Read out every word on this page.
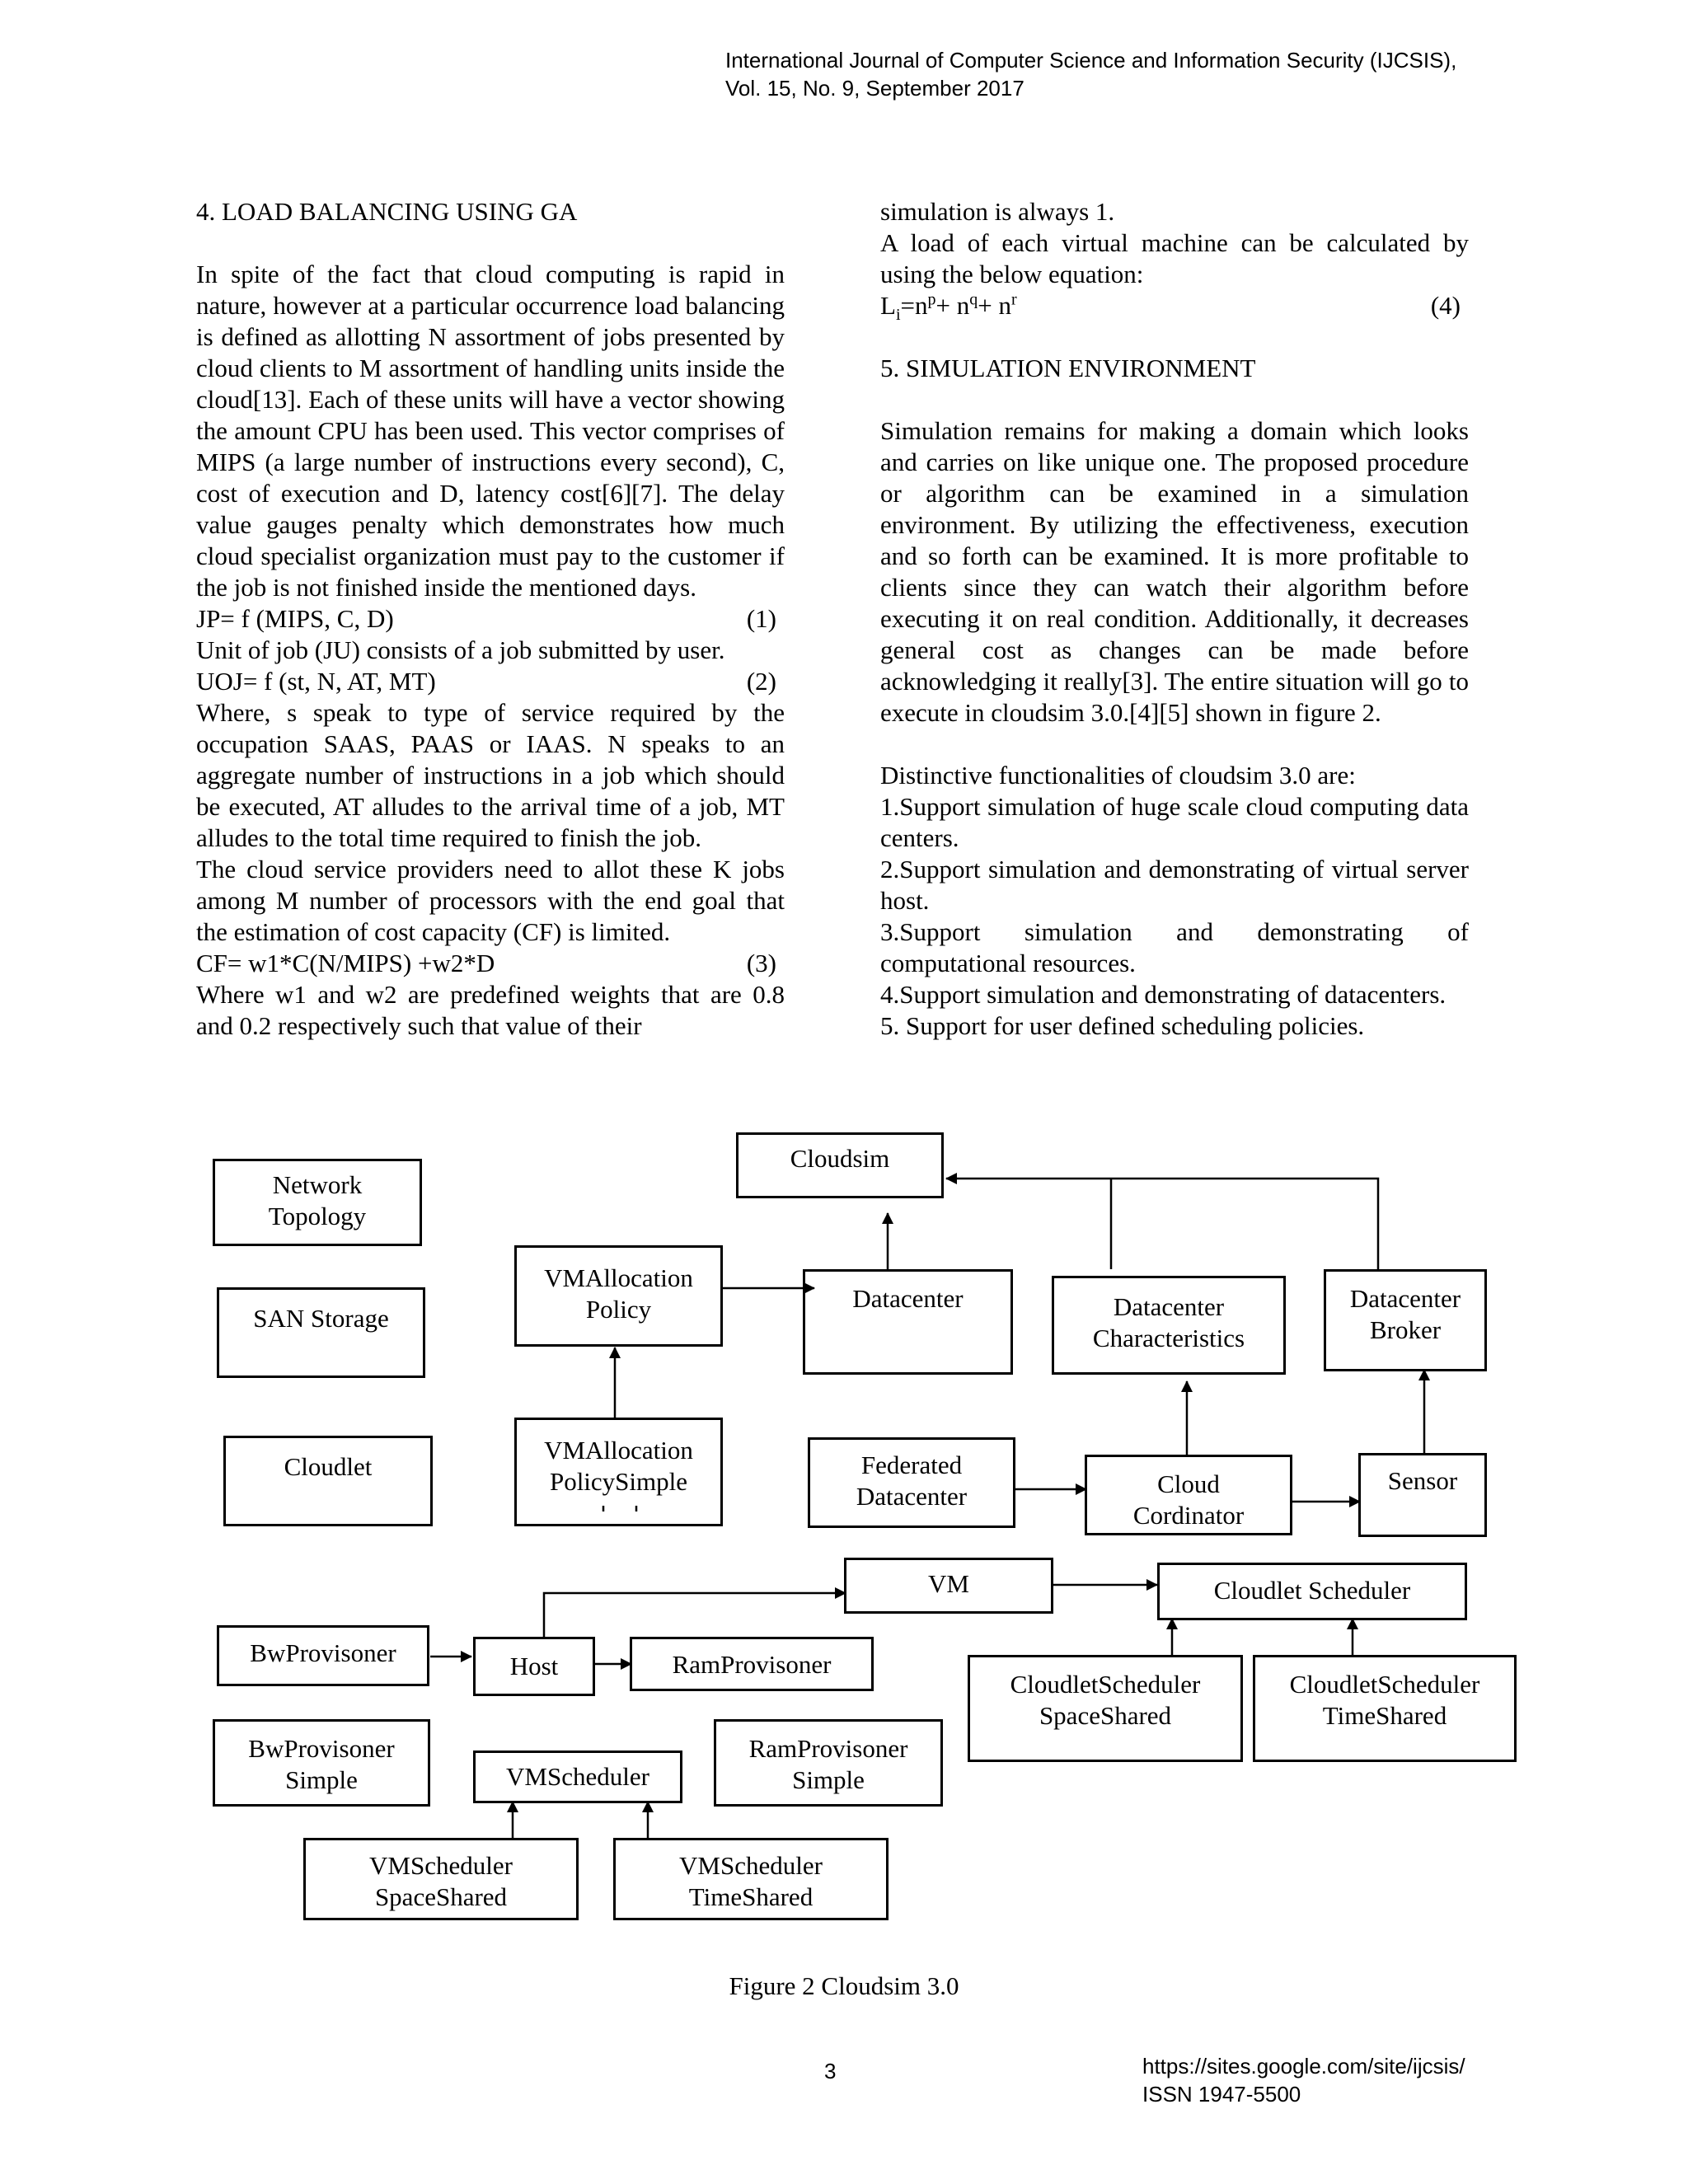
International Journal of Computer Science and Information Security (IJCSIS),
Vol. 15, No. 9, September 2017

4. LOAD BALANCING USING GA

In spite of the fact that cloud computing is rapid in nature, however at a particular occurrence load balancing is defined as allotting N assortment of jobs presented by cloud clients to M assortment of handling units inside the cloud[13]. Each of these units will have a vector showing the amount CPU has been used. This vector comprises of MIPS (a large number of instructions every second), C, cost of execution and D, latency cost[6][7]. The delay value gauges penalty which demonstrates how much cloud specialist organization must pay to the customer if the job is not finished inside the mentioned days.

JP= f (MIPS, C, D)	(1)

Unit of job (JU) consists of a job submitted by user.

UOJ= f (st, N, AT, MT)	(2)

Where, s speak to type of service required by the occupation SAAS, PAAS or IAAS. N speaks to an aggregate number of instructions in a job which should be executed, AT alludes to the arrival time of a job, MT alludes to the total time required to finish the job.

The cloud service providers need to allot these K jobs among M number of processors with the end goal that the estimation of cost capacity (CF) is limited.

CF= w1*C(N/MIPS) +w2*D	(3)

Where w1 and w2 are predefined weights that are 0.8 and 0.2 respectively such that value of their

simulation is always 1.

A load of each virtual machine can be calculated by using the below equation:

$L_i=n^p+ n^q+ n^r$	(4)

5. SIMULATION ENVIRONMENT

Simulation remains for making a domain which looks and carries on like unique one. The proposed procedure or algorithm can be examined in a simulation environment. By utilizing the effectiveness, execution and so forth can be examined. It is more profitable to clients since they can watch their algorithm before executing it on real condition. Additionally, it decreases general cost as changes can be made before acknowledging it really[3]. The entire situation will go to execute in cloudsim 3.0.[4][5] shown in figure 2.

Distinctive functionalities of cloudsim 3.0 are:

1.Support simulation of huge scale cloud computing data centers.

2.Support simulation and demonstrating of virtual server host.

3.Support simulation and demonstrating of computational resources.

4.Support simulation and demonstrating of datacenters.

5. Support for user defined scheduling policies.

Cloudsim
Network
Topology
SAN Storage
Cloudlet
VMAllocation
Policy
VMAllocation
PolicySimple
Datacenter	Datacenter
Characteristics
Datacenter
Broker
Federated
Datacenter	Cloud
Cordinator
Sensor
VM	Cloudlet Scheduler
BwProvisoner	Host	RamProvisoner
CloudletScheduler
SpaceShared
CloudletScheduler
TimeShared
BwProvisoner
Simple	VMScheduler
RamProvisoner
Simple
VMScheduler
SpaceShared
VMScheduler
TimeShared
Figure 2 Cloudsim 3.0
3	https://sites.google.com/site/ijcsis/
ISSN 1947-5500
